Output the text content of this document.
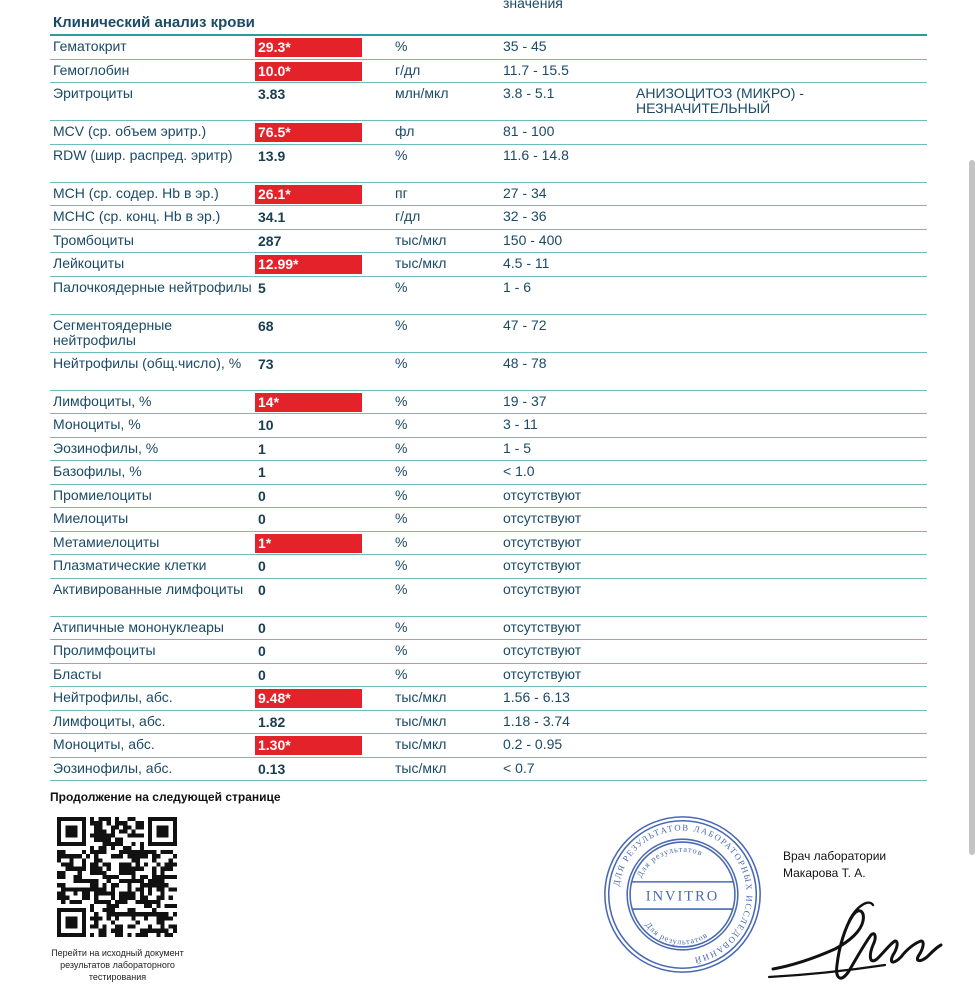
значения
Клинический анализ крови
Гематокрит	29.3*	%	35 - 45
Гемоглобин	10.0*	г/дл	11.7 - 15.5
Эритроциты	3.83	млн/мкл	3.8 - 5.1	АНИЗОЦИТОЗ (МИКРО) - НЕЗНАЧИТЕЛЬНЫЙ
MCV (ср. объем эритр.)	76.5*	фл	81 - 100
RDW (шир. распред. эритр)	13.9	%	11.6 - 14.8
MCH (ср. содер. Hb в эр.)	26.1*	пг	27 - 34
MCHC (ср. конц. Hb в эр.)	34.1	г/дл	32 - 36
Тромбоциты	287	тыс/мкл	150 - 400
Лейкоциты	12.99*	тыс/мкл	4.5 - 11
Палочкоядерные нейтрофилы 5	%	1 - 6
Сегментоядерные нейтрофилы
68	%	47 - 72
Нейтрофилы (общ.число), %	73	%	48 - 78
Лимфоциты, %	14*	%	19 - 37
Моноциты, %	10	%	3 - 11
Эозинофилы, %	1	%	1 - 5
Базофилы, %	1	%	< 1.0
Промиелоциты	0	%	отсутствуют
Миелоциты	0	%	отсутствуют
Метамиелоциты	1*	%	отсутствуют
Плазматические клетки	0	%	отсутствуют
Активированные лимфоциты	0	%	отсутствуют
Атипичные мононуклеары	0	%	отсутствуют
Пролимфоциты	0	%	отсутствуют
Бласты	0	%	отсутствуют
Нейтрофилы, абс.	9.48*	тыс/мкл	1.56 - 6.13
Лимфоциты, абс.	1.82	тыс/мкл	1.18 - 3.74
Моноциты, абс.	1.30*	тыс/мкл	0.2 - 0.95
Эозинофилы, абс.	0.13	тыс/мкл	< 0.7
Продолжение на следующей странице
Перейти на исходный документ результатов лабораторного тестирования
ДЛЯ РЕЗУЛЬТАТОВ ЛАБОРАТОРНЫХ ИССЛЕДОВАНИЙ
Для результатов
Для результатов
INVITRO
Врач лаборатории
Макарова Т. А.
